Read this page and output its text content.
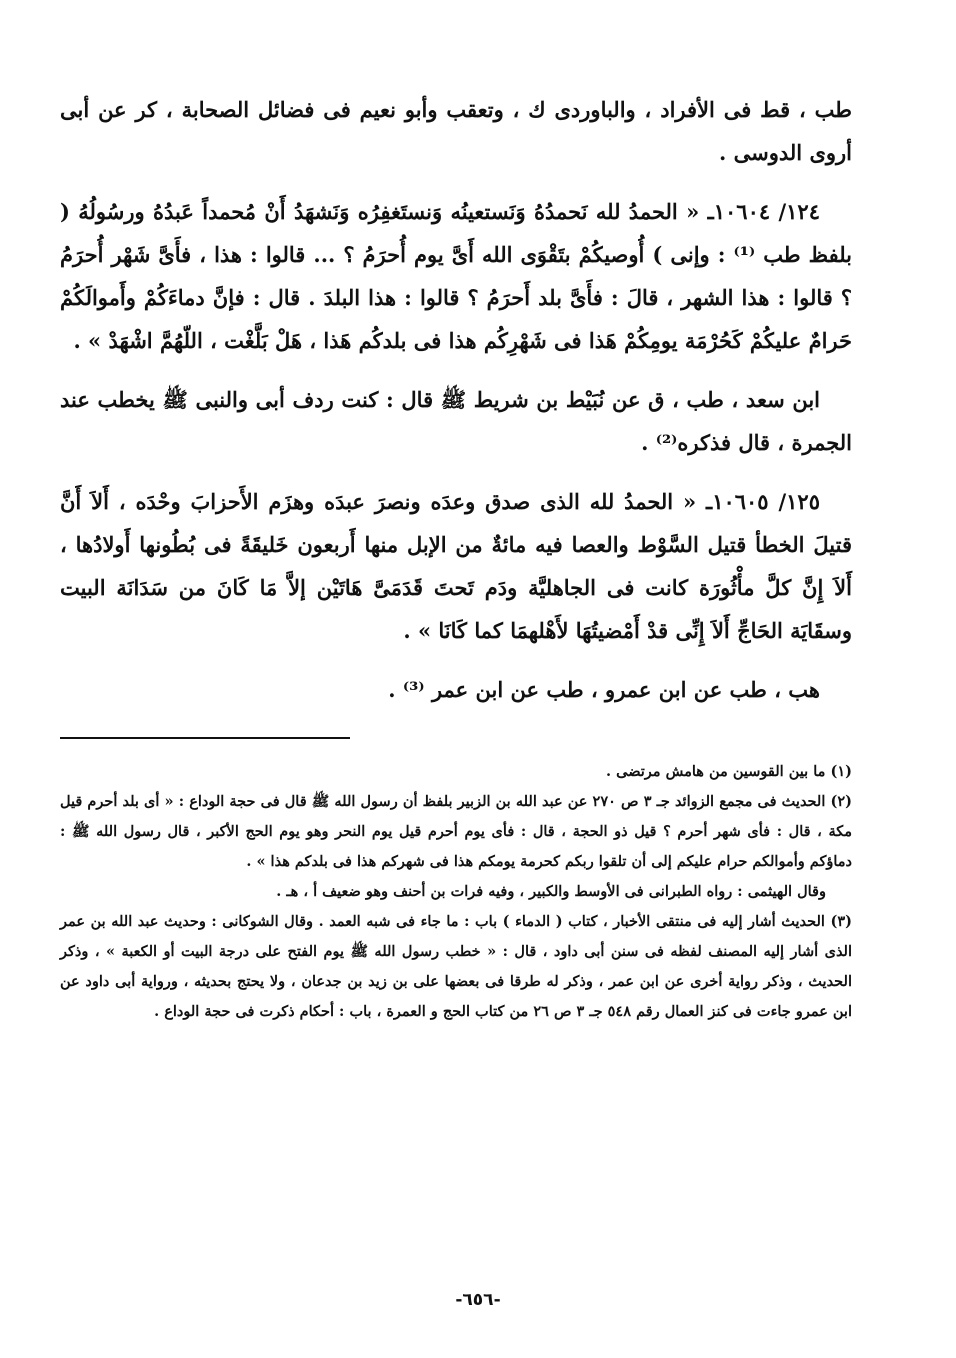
طب ، قط فى الأفراد ، والباوردى ك ، وتعقب وأبو نعيم فى فضائل الصحابة ، كر عن أبى أروى الدوسى .

١٢٤/ ١٠٦٠٤ـ « الحمدُ لله نَحمدُهُ وَنَستعينُه وَنستَغفِرُه وَنَشهَدُ أَنْ مُحمداً عَبدُهُ ورسُولُهُ ( بلفظ طب ⁽¹⁾ : وإنى ) أُوصيكُمْ بتَقْوَى الله أَىَّ يوم أُحرَمُ ؟ ... قالوا : هذا ، فأَىَّ شَهْر أُحرَمُ ؟ قالوا : هذا الشهر ، قالَ : فأَىَّ بلد أَحرَمُ ؟ قالوا : هذا البلدَ . قال : فإنَّ دماءَكُمْ وأَموالَكُمْ حَرامٌ عليكُمْ كَحُرْمَة يومِكُمْ هَذا فى شَهْرِكُم هذا فى بلدكُم هَذا ، هَلْ بَلَّغْت ، اللّهُمَّ اشْهَدْ » .

ابن سعد ، طب ، ق عن نُبَيْط بن شريط ﷺ قال : كنت ردف أبى والنبى ﷺ يخطب عند الجمرة ، قال فذكره⁽²⁾ .

١٢٥/ ١٠٦٠٥ـ « الحمدُ لله الذى صدق وعدَه ونصرَ عبدَه وهزَم الأَحزابَ وحْدَه ، أَلاَ أَنَّ قتيلَ الخطأ قتيل السَّوْط والعصا فيه مائةٌ من الإبل منها أَربعون خَليقَةً فى بُطُونها أَولادُها ، أَلاَ إِنَّ كلَّ مأْثُورَة كانت فى الجاهليَّة ودَم تَحتَ قَدَمَىَّ هَاتَيْن إلاَّ مَا كَانَ من سَدَانَة البيت وسقَايَة الحَاجِّ أَلاَ إِنِّى قدْ أَمْضيتُهَا لأَهْلهمَا كما كَانَا » .

هب ، طب عن ابن عمرو ، طب عن ابن عمر ⁽³⁾ .

(١) ما بين القوسين من هامش مرتضى .

(٢) الحديث فى مجمع الزوائد جـ ٣ ص ٢٧٠ عن عبد الله بن الزبير بلفظ أن رسول الله ﷺ قال فى حجة الوداع : « أى بلد أحرم قيل مكة ، قال : فأى شهر أحرم ؟ قيل ذو الحجة ، قال : فأى يوم أحرم قيل يوم النحر وهو يوم الحج الأكبر ، قال رسول الله ﷺ : دماؤكم وأموالكم حرام عليكم إلى أن تلقوا ربكم كحرمة يومكم هذا فى شهركم هذا فى بلدكم هذا » .

وقال الهيثمى : رواه الطبرانى فى الأوسط والكبير ، وفيه فرات بن أحنف وهو ضعيف أ ، هـ .

(٣) الحديث أشار إليه فى منتقى الأخبار ، كتاب ( الدماء ) باب : ما جاء فى شبه العمد . وقال الشوكانى : وحديث عبد الله بن عمر الذى أشار إليه المصنف لفظه فى سنن أبى داود ، قال : « خطب رسول الله ﷺ يوم الفتح على درجة البيت أو الكعبة » ، وذكر الحديث ، وذكر رواية أخرى عن ابن عمر ، وذكر له طرقا فى بعضها على بن زيد بن جدعان ، ولا يحتج بحديثه ، ورواية أبى داود عن ابن عمرو جاءت فى كنز العمال رقم ٥٤٨ جـ ٣ ص ٢٦ من كتاب الحج و العمرة ، باب : أحكام ذكرت فى حجة الوداع .

-٦٥٦-
